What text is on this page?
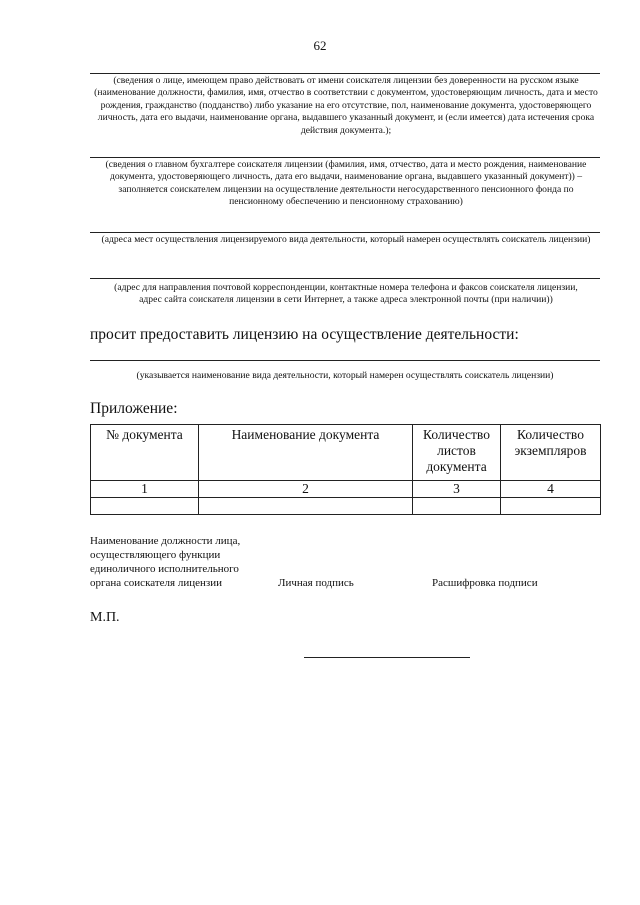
62
(сведения о лице, имеющем право действовать от имени соискателя лицензии без доверенности на русском языке (наименование должности, фамилия, имя, отчество в соответствии с документом, удостоверяющим личность, дата и место рождения, гражданство (подданство) либо указание на его отсутствие, пол, наименование документа, удостоверяющего личность, дата его выдачи, наименование органа, выдавшего указанный документ, и (если имеется) дата истечения срока действия документа.);
(сведения о главном бухгалтере соискателя лицензии (фамилия, имя, отчество, дата и место рождения, наименование документа, удостоверяющего личность, дата его выдачи, наименование органа, выдавшего указанный документ)) – заполняется соискателем лицензии на осуществление деятельности негосударственного пенсионного фонда по пенсионному обеспечению и пенсионному страхованию)
(адреса мест осуществления лицензируемого вида деятельности, который намерен осуществлять соискатель лицензии)
(адрес для направления почтовой корреспонденции, контактные номера телефона и факсов соискателя лицензии, адрес сайта соискателя лицензии в сети Интернет, а также адреса электронной почты (при наличии))
просит предоставить лицензию на осуществление деятельности:
(указывается наименование вида деятельности, который намерен осуществлять соискатель лицензии)
Приложение:
№ документа	Наименование документа	Количество листов документа	Количество экземпляров
1	2	3	4

Наименование должности лица, осуществляющего функции единоличного исполнительного органа соискателя лицензии	Личная подпись	Расшифровка подписи
М.П.
